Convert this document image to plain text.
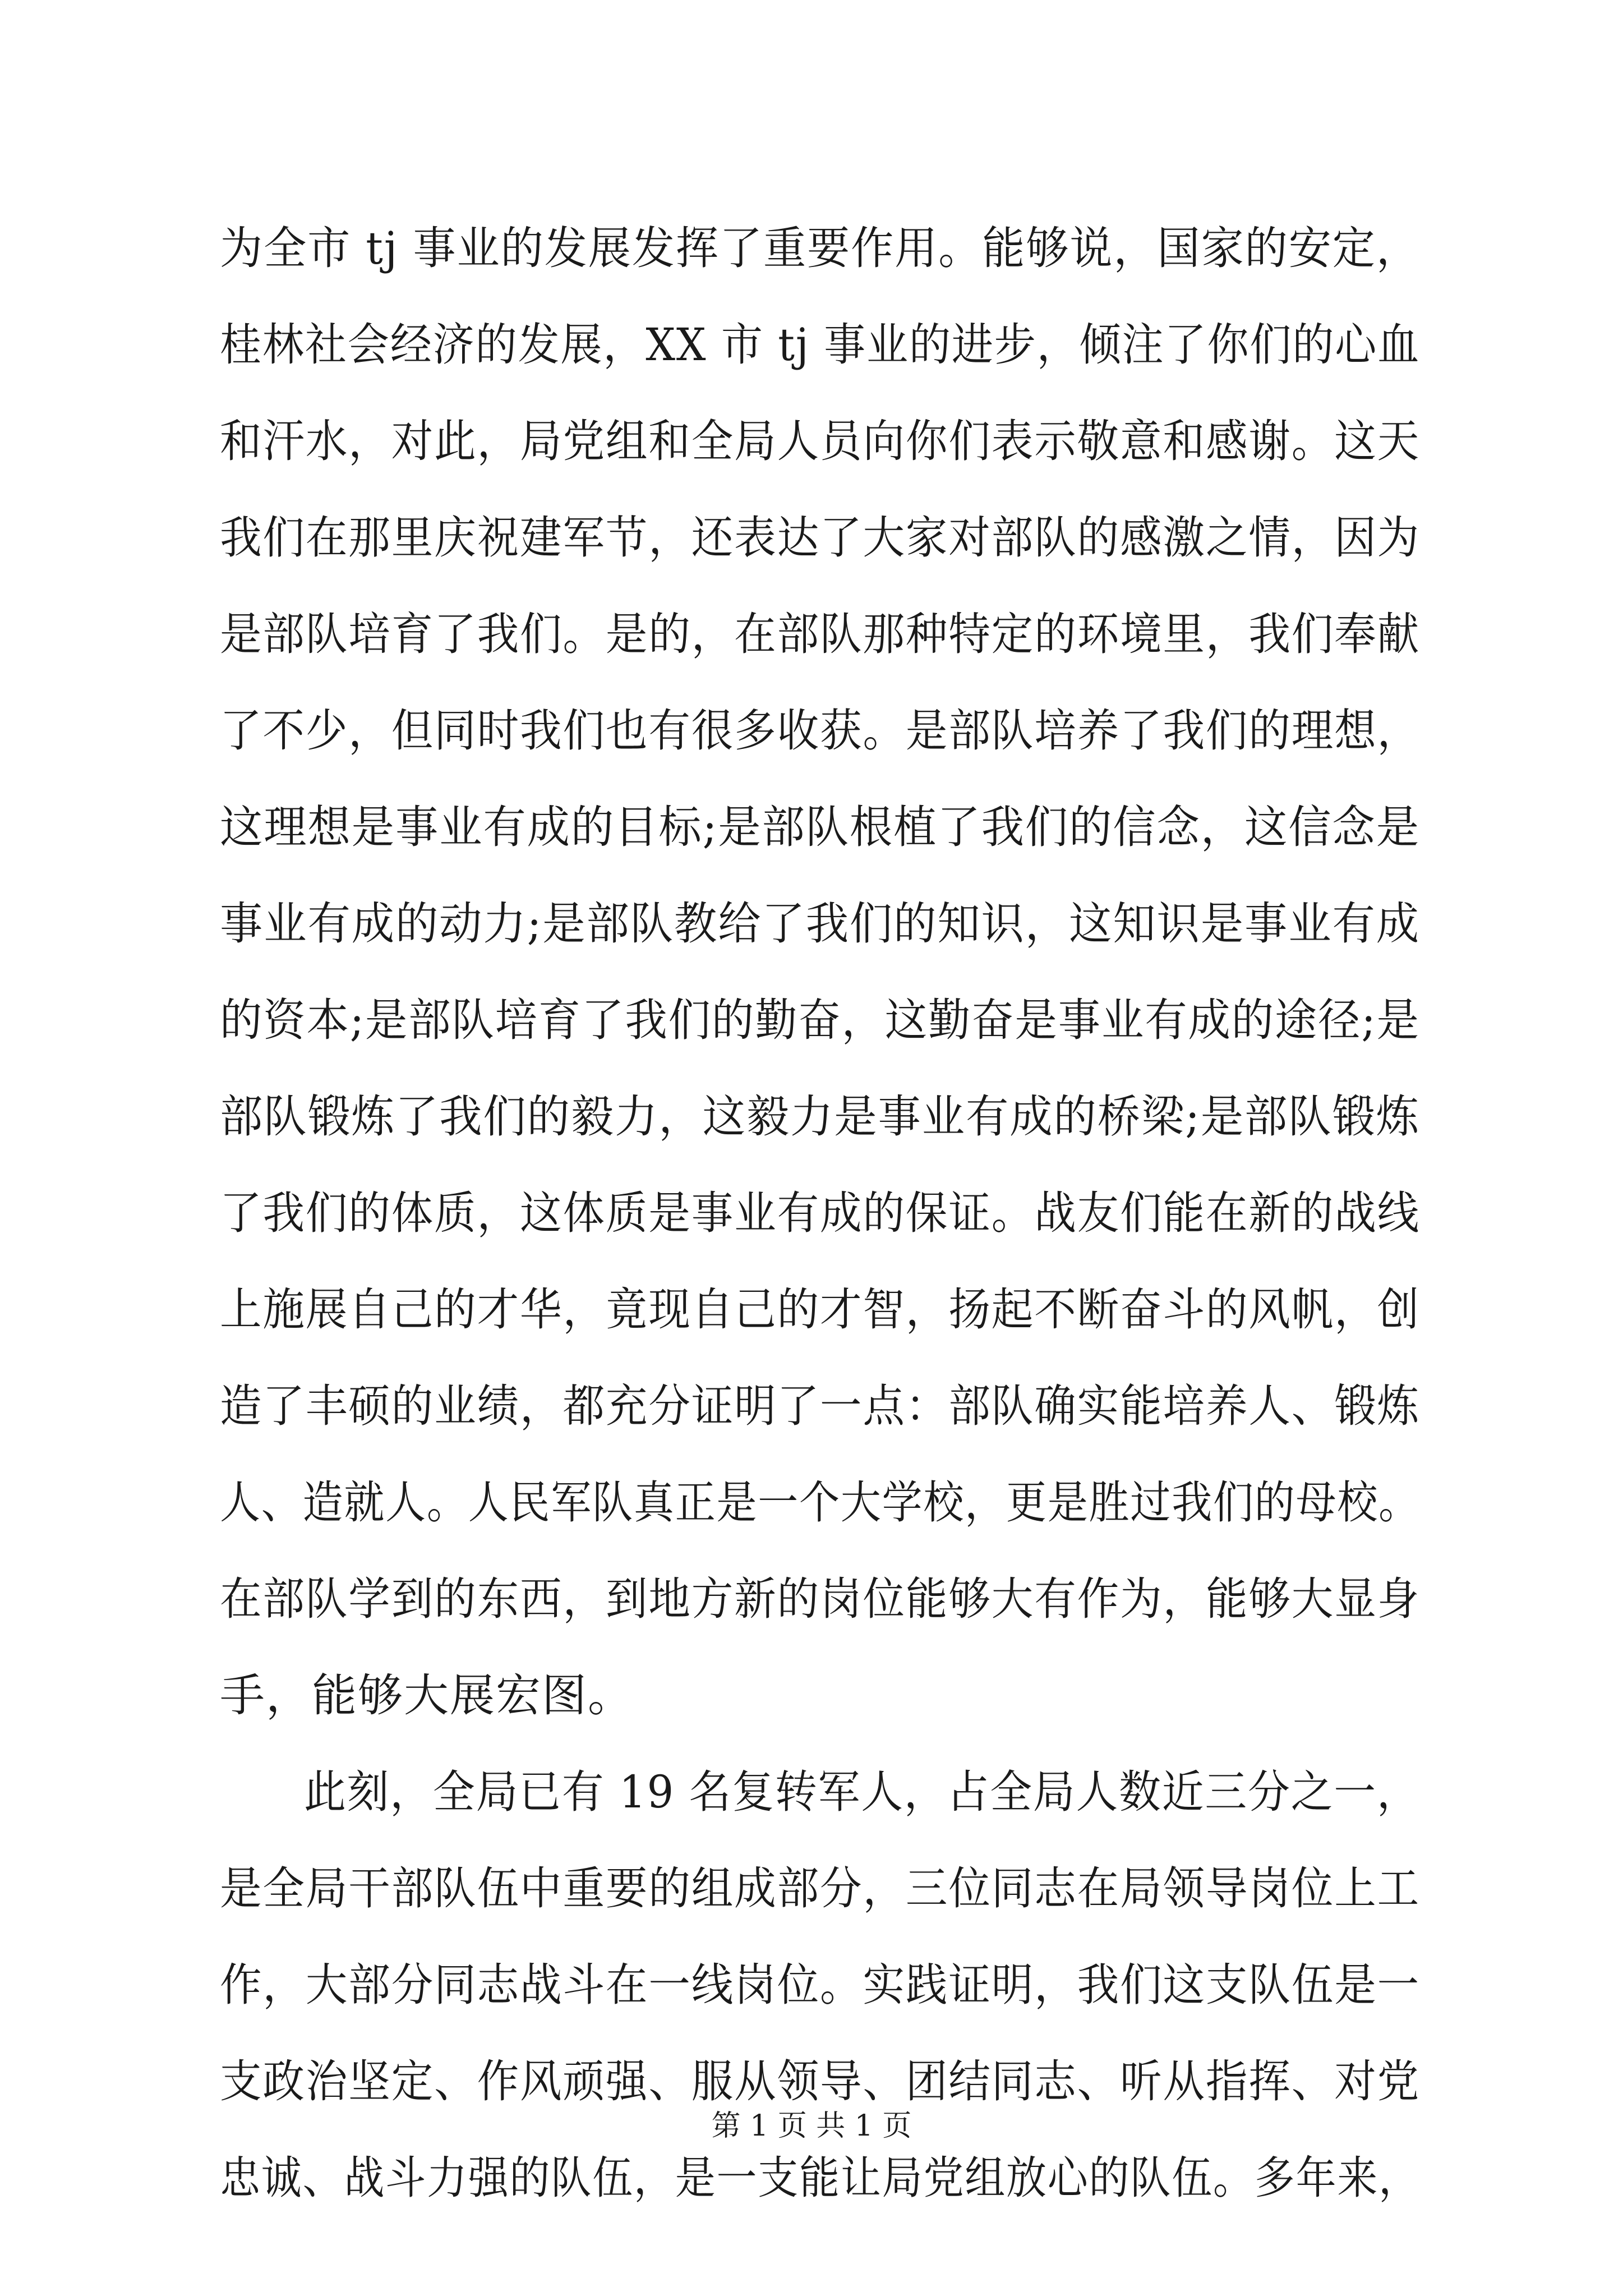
为全市 tj 事业的发展发挥了重要作用。能够说，国家的安定，
桂林社会经济的发展，XX 市 tj 事业的进步，倾注了你们的心血
和汗水，对此，局党组和全局人员向你们表示敬意和感谢。这天
我们在那里庆祝建军节，还表达了大家对部队的感激之情，因为
是部队培育了我们。是的，在部队那种特定的环境里，我们奉献
了不少，但同时我们也有很多收获。是部队培养了我们的理想，
这理想是事业有成的目标;是部队根植了我们的信念，这信念是
事业有成的动力;是部队教给了我们的知识，这知识是事业有成
的资本;是部队培育了我们的勤奋，这勤奋是事业有成的途径;是
部队锻炼了我们的毅力，这毅力是事业有成的桥梁;是部队锻炼
了我们的体质，这体质是事业有成的保证。战友们能在新的战线
上施展自己的才华，竟现自己的才智，扬起不断奋斗的风帆，创
造了丰硕的业绩，都充分证明了一点：部队确实能培养人、锻炼
人、造就人。人民军队真正是一个大学校，更是胜过我们的母校。
在部队学到的东西，到地方新的岗位能够大有作为，能够大显身
手，能够大展宏图。
此刻，全局已有 19 名复转军人，占全局人数近三分之一，
是全局干部队伍中重要的组成部分，三位同志在局领导岗位上工
作，大部分同志战斗在一线岗位。实践证明，我们这支队伍是一
支政治坚定、作风顽强、服从领导、团结同志、听从指挥、对党
忠诚、战斗力强的队伍，是一支能让局党组放心的队伍。多年来，
第 1 页 共 1 页
